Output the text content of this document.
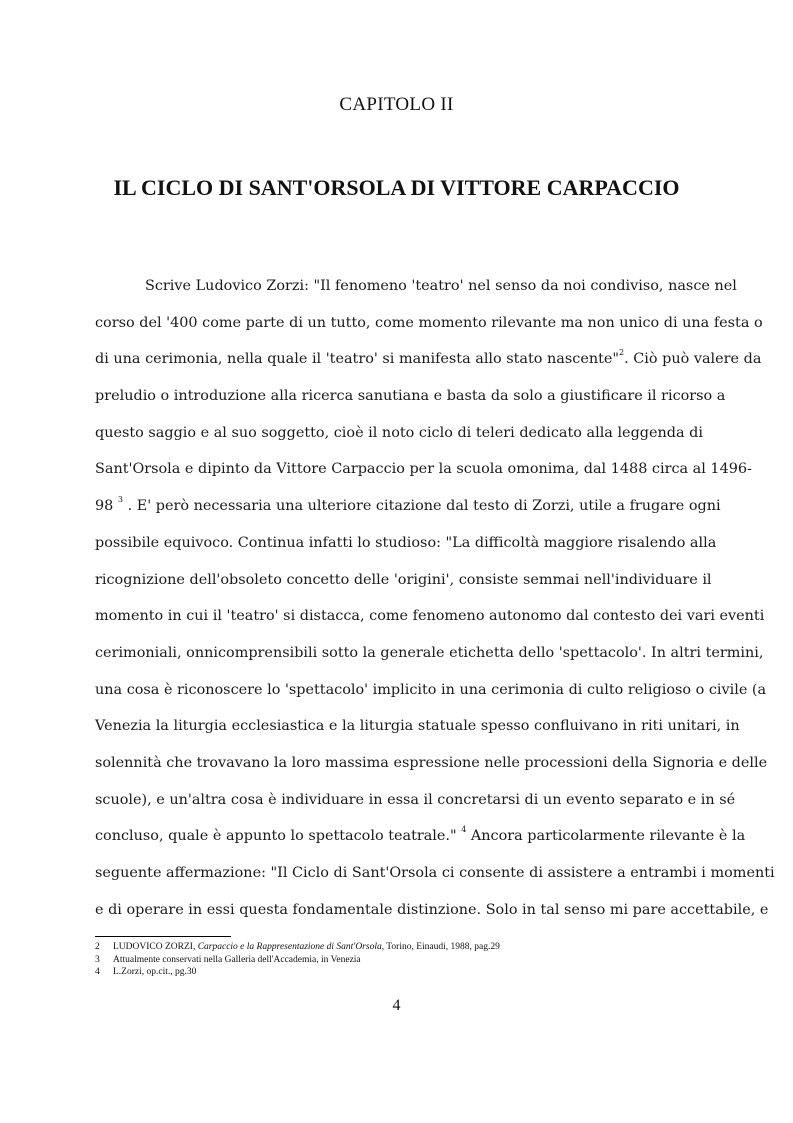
CAPITOLO II
IL CICLO DI SANT'ORSOLA DI VITTORE CARPACCIO
Scrive Ludovico Zorzi: "Il fenomeno 'teatro' nel senso da noi condiviso, nasce nel
corso del '400 come parte di un tutto, come momento rilevante ma non unico di una festa o
di una cerimonia, nella quale il 'teatro' si manifesta allo stato nascente"$^2$. Ciò può valere da
preludio o introduzione alla ricerca sanutiana e basta da solo a giustificare il ricorso a
questo saggio e al suo soggetto, cioè il noto ciclo di teleri dedicato alla leggenda di
Sant'Orsola e dipinto da Vittore Carpaccio per la scuola omonima, dal 1488 circa al 1496-
98 $^3$ . E' però necessaria una ulteriore citazione dal testo di Zorzi, utile a frugare ogni
possibile equivoco. Continua infatti lo studioso: "La difficoltà maggiore risalendo alla
ricognizione dell'obsoleto concetto delle 'origini', consiste semmai nell'individuare il
momento in cui il 'teatro' si distacca, come fenomeno autonomo dal contesto dei vari eventi
cerimoniali, onnicomprensibili sotto la generale etichetta dello 'spettacolo'. In altri termini,
una cosa è riconoscere lo 'spettacolo' implicito in una cerimonia di culto religioso o civile (a
Venezia la liturgia ecclesiastica e la liturgia statuale spesso confluivano in riti unitari, in
solennità che trovavano la loro massima espressione nelle processioni della Signoria e delle
scuole), e un'altra cosa è individuare in essa il concretarsi di un evento separato e in sé
concluso, quale è appunto lo spettacolo teatrale." $^4$ Ancora particolarmente rilevante è la
seguente affermazione: "Il Ciclo di Sant'Orsola ci consente di assistere a entrambi i momenti
e di operare in essi questa fondamentale distinzione. Solo in tal senso mi pare accettabile, e
2	LUDOVICO ZORZI, Carpaccio e la Rappresentazione di Sant'Orsola, Torino, Einaudi, 1988, pag.29
3	Attualmente conservati nella Galleria dell'Accademia, in Venezia
4	L.Zorzi, op.cit., pg.30
4
